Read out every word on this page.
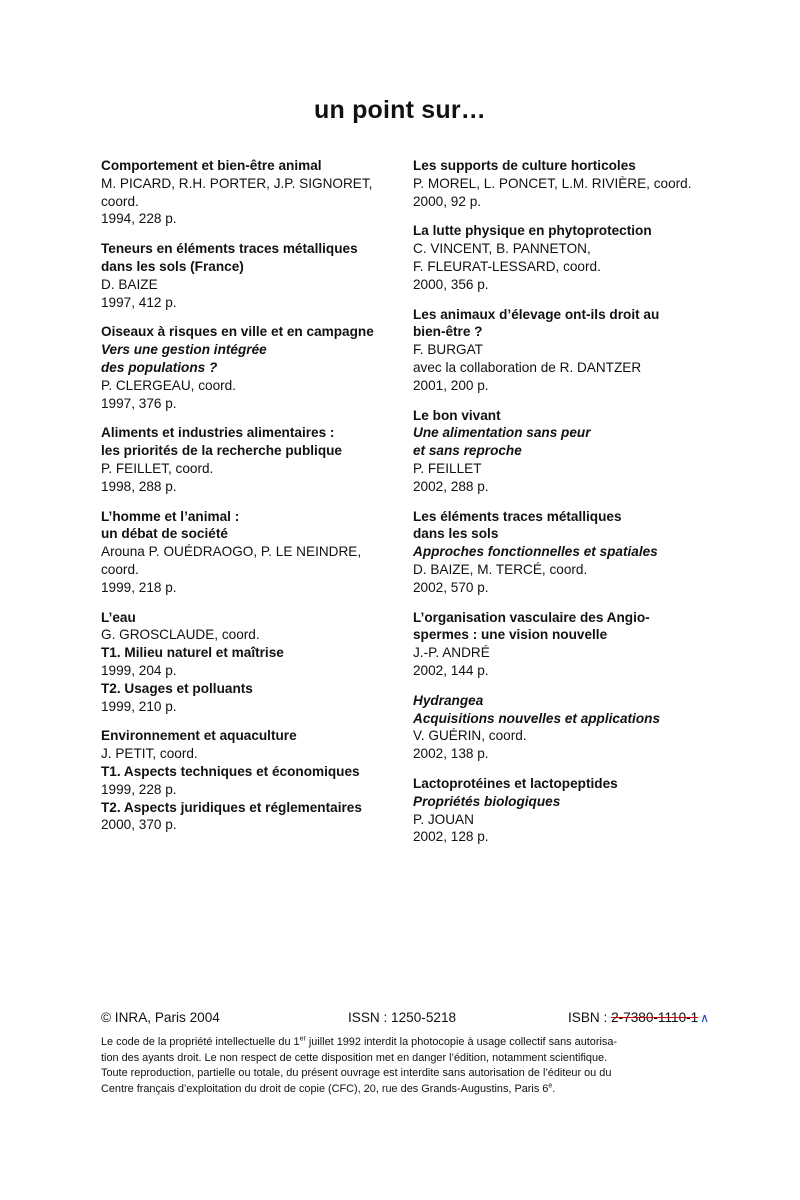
un point sur…
Comportement et bien-être animal
M. PICARD, R.H. PORTER, J.P. SIGNORET,
coord.
1994, 228 p.
Teneurs en éléments traces métalliques
dans les sols (France)
D. BAIZE
1997, 412 p.
Oiseaux à risques en ville et en campagne
Vers une gestion intégrée
des populations ?
P. CLERGEAU, coord.
1997, 376 p.
Aliments et industries alimentaires :
les priorités de la recherche publique
P. FEILLET, coord.
1998, 288 p.
L’homme et l’animal :
un débat de société
Arouna P. OUÉDRAOGO, P. LE NEINDRE,
coord.
1999, 218 p.
L’eau
G. GROSCLAUDE, coord.
T1. Milieu naturel et maîtrise
1999, 204 p.
T2. Usages et polluants
1999, 210 p.
Environnement et aquaculture
J. PETIT, coord.
T1. Aspects techniques et économiques
1999, 228 p.
T2. Aspects juridiques et réglementaires
2000, 370 p.
Les supports de culture horticoles
P. MOREL, L. PONCET, L.M. RIVIÈRE, coord.
2000, 92 p.
La lutte physique en phytoprotection
C. VINCENT, B. PANNETON,
F. FLEURAT-LESSARD, coord.
2000, 356 p.
Les animaux d’élevage ont-ils droit au
bien-être ?
F. BURGAT
avec la collaboration de R. DANTZER
2001, 200 p.
Le bon vivant
Une alimentation sans peur
et sans reproche
P. FEILLET
2002, 288 p.
Les éléments traces métalliques
dans les sols
Approches fonctionnelles et spatiales
D. BAIZE, M. TERCÉ, coord.
2002, 570 p.
L’organisation vasculaire des Angio-
spermes : une vision nouvelle
J.-P. ANDRÉ
2002, 144 p.
Hydrangea
Acquisitions nouvelles et applications
V. GUÉRIN, coord.
2002, 138 p.
Lactoprotéines et lactopeptides
Propriétés biologiques
P. JOUAN
2002, 128 p.
© INRA, Paris 2004	ISSN : 1250-5218	ISBN : 2-7380-1110-1 ∧
Le code de la propriété intellectuelle du 1er juillet 1992 interdit la photocopie à usage collectif sans autorisa-
tion des ayants droit. Le non respect de cette disposition met en danger l’édition, notamment scientifique.
Toute reproduction, partielle ou totale, du présent ouvrage est interdite sans autorisation de l’éditeur ou du
Centre français d’exploitation du droit de copie (CFC), 20, rue des Grands-Augustins, Paris 6e.
